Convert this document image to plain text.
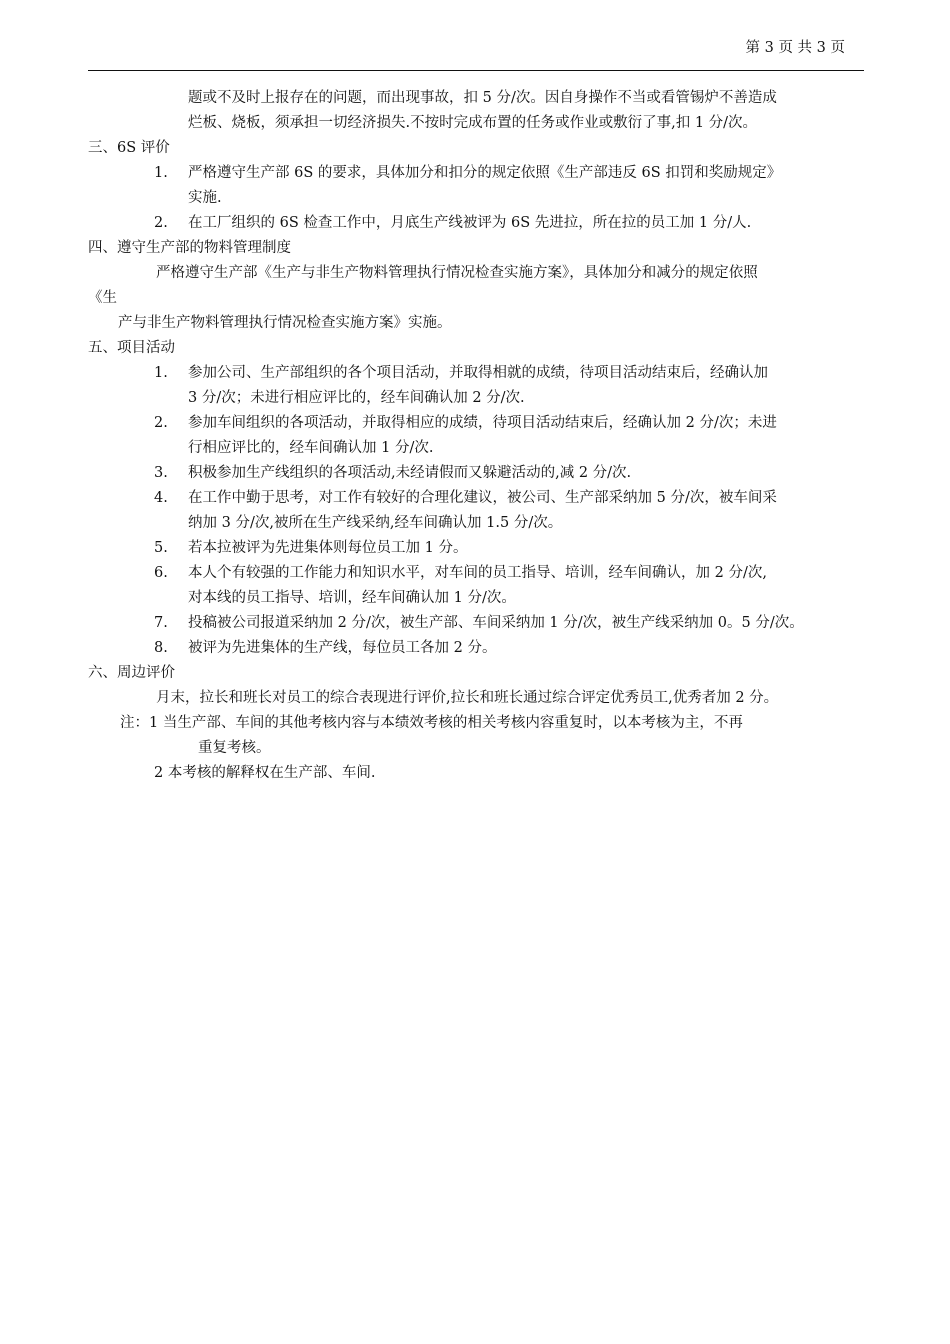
第 3 页 共 3 页

题或不及时上报存在的问题，而出现事故，扣 5 分/次。因自身操作不当或看管锡炉不善造成

烂板、烧板，须承担一切经济损失.不按时完成布置的任务或作业或敷衍了事,扣 1 分/次。

三、6S 评价

1. 严格遵守生产部 6S 的要求，具体加分和扣分的规定依照《生产部违反 6S 扣罚和奖励规定》
实施.
2. 在工厂组织的 6S 检查工作中，月底生产线被评为 6S 先进拉，所在拉的员工加 1 分/人.

四、遵守生产部的物料管理制度

严格遵守生产部《生产与非生产物料管理执行情况检查实施方案》，具体加分和减分的规定依照

《生

产与非生产物料管理执行情况检查实施方案》实施。

五、项目活动

1. 参加公司、生产部组织的各个项目活动，并取得相就的成绩，待项目活动结束后，经确认加
3 分/次；未进行相应评比的，经车间确认加 2 分/次.
2. 参加车间组织的各项活动，并取得相应的成绩，待项目活动结束后，经确认加 2 分/次；未进
行相应评比的，经车间确认加 1 分/次.
3. 积极参加生产线组织的各项活动,未经请假而又躲避活动的,减 2 分/次.
4. 在工作中勤于思考，对工作有较好的合理化建议，被公司、生产部采纳加 5 分/次，被车间采
纳加 3 分/次,被所在生产线采纳,经车间确认加 1.5 分/次。
5. 若本拉被评为先进集体则每位员工加 1 分。
6. 本人个有较强的工作能力和知识水平，对车间的员工指导、培训，经车间确认，加 2 分/次,
对本线的员工指导、培训，经车间确认加 1 分/次。
7. 投稿被公司报道采纳加 2 分/次，被生产部、车间采纳加 1 分/次，被生产线采纳加 0。5 分/次。
8. 被评为先进集体的生产线，每位员工各加 2 分。

六、周边评价

月末，拉长和班长对员工的综合表现进行评价,拉长和班长通过综合评定优秀员工,优秀者加 2 分。

注：1 当生产部、车间的其他考核内容与本绩效考核的相关考核内容重复时，以本考核为主，不再

重复考核。

2 本考核的解释权在生产部、车间.
